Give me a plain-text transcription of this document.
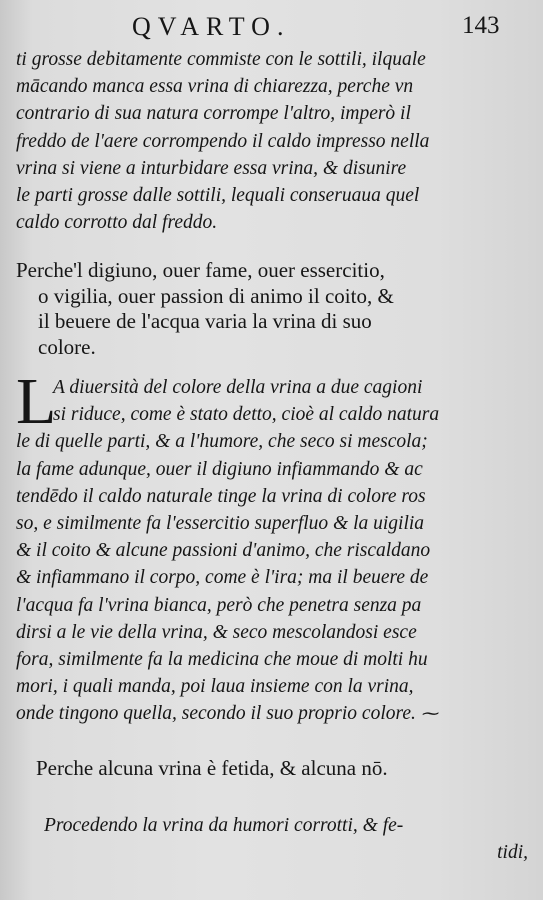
QVARTO.	143
ti grosse debitamente commiste con le sottili, ilquale
mācando manca essa vrina di chiarezza, perche vn
contrario di sua natura corrompe l'altro, imperò il
freddo de l'aere corrompendo il caldo impresso nella
vrina si viene a inturbidare essa vrina, & disunire
le parti grosse dalle sottili, lequali conseruaua quel
caldo corrotto dal freddo.
Perche'l digiuno, ouer fame, ouer essercitio,
o vigilia, ouer passion di animo il coito, &
il beuere de l'acqua varia la vrina di suo
colore.
L
A diuersità del colore della vrina a due cagioni
si riduce, come è stato detto, cioè al caldo natura
le di quelle parti, & a l'humore, che seco si mescola;
la fame adunque, ouer il digiuno infiammando & ac
tendēdo il caldo naturale tinge la vrina di colore ros
so, e similmente fa l'essercitio superfluo & la uigilia
& il coito & alcune passioni d'animo, che riscaldano
& infiammano il corpo, come è l'ira; ma il beuere de
l'acqua fa l'vrina bianca, però che penetra senza pa
dirsi a le vie della vrina, & seco mescolandosi esce
fora, similmente fa la medicina che moue di molti hu
mori, i quali manda, poi laua insieme con la vrina,
onde tingono quella, secondo il suo proprio colore. ⁓
Perche alcuna vrina è fetida, & alcuna nō.
Procedendo la vrina da humori corrotti, & fe-
tidi,
